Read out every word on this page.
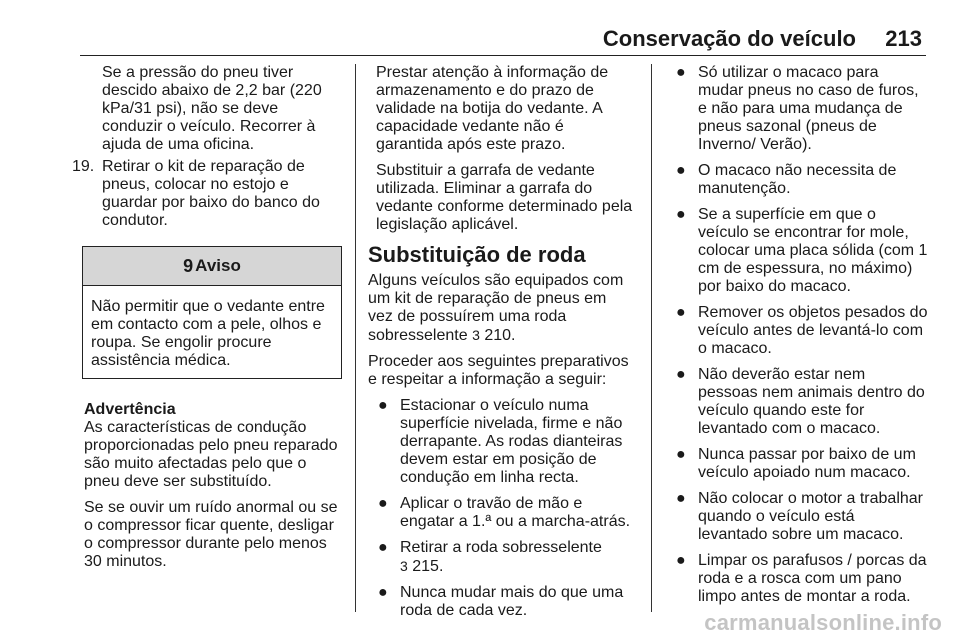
Conservação do veículo 213

Se a pressão do pneu tiver descido abaixo de 2,2 bar (220 kPa/31 psi), não se deve conduzir o veículo. Recorrer à ajuda de uma oficina.

19. Retirar o kit de reparação de pneus, colocar no estojo e guardar por baixo do banco do condutor.
9 Aviso
Não permitir que o vedante entre em contacto com a pele, olhos e roupa. Se engolir procure assistência médica.

Advertência

As características de condução proporcionadas pelo pneu reparado são muito afectadas pelo que o pneu deve ser substituído.

Se se ouvir um ruído anormal ou se o compressor ficar quente, desligar o compressor durante pelo menos 30 minutos.

Prestar atenção à informação de armazenamento e do prazo de validade na botija do vedante. A capacidade vedante não é garantida após este prazo.

Substituir a garrafa de vedante utilizada. Eliminar a garrafa do vedante conforme determinado pela legislação aplicável.

Substituição de roda

Alguns veículos são equipados com um kit de reparação de pneus em vez de possuírem uma roda sobresselente 3 210.

Proceder aos seguintes preparativos e respeitar a informação a seguir:

● Estacionar o veículo numa superfície nivelada, firme e não derrapante. As rodas dianteiras devem estar em posição de condução em linha recta.
● Aplicar o travão de mão e engatar a 1.ª ou a marcha-atrás.
● Retirar a roda sobresselente
3 215.
● Nunca mudar mais do que uma roda de cada vez.
● Só utilizar o macaco para mudar pneus no caso de furos, e não para uma mudança de pneus sazonal (pneus de Inverno/ Verão).
● O macaco não necessita de manutenção.
● Se a superfície em que o veículo se encontrar for mole, colocar uma placa sólida (com 1 cm de espessura, no máximo) por baixo do macaco.
● Remover os objetos pesados do veículo antes de levantá-lo com o macaco.
● Não deverão estar nem pessoas nem animais dentro do veículo quando este for levantado com o macaco.
● Nunca passar por baixo de um veículo apoiado num macaco.
● Não colocar o motor a trabalhar quando o veículo está levantado sobre um macaco.
● Limpar os parafusos / porcas da roda e a rosca com um pano limpo antes de montar a roda.
carmanualsonline.info
